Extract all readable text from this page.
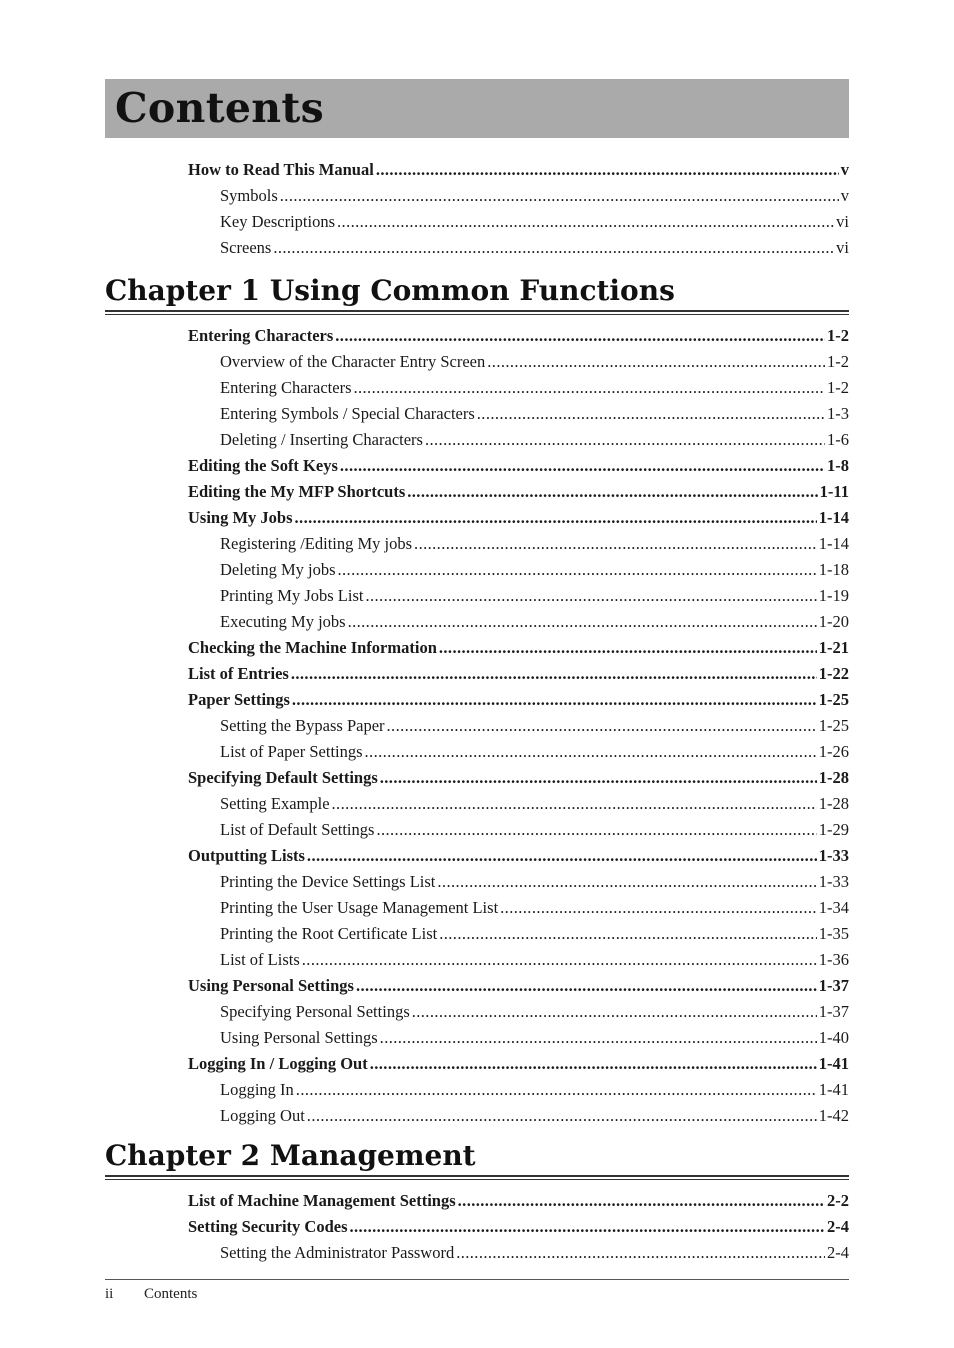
Contents
How to Read This Manual .....	v
Symbols .....	v
Key Descriptions .....	vi
Screens .....	vi
Chapter 1 Using Common Functions
Entering Characters .....	1-2
Overview of the Character Entry Screen .....	1-2
Entering Characters .....	1-2
Entering Symbols / Special Characters .....	1-3
Deleting / Inserting Characters .....	1-6
Editing the Soft Keys .....	1-8
Editing the My MFP Shortcuts .....	1-11
Using My Jobs .....	1-14
Registering /Editing My jobs .....	1-14
Deleting My jobs .....	1-18
Printing My Jobs List .....	1-19
Executing My jobs .....	1-20
Checking the Machine Information .....	1-21
List of Entries .....	1-22
Paper Settings .....	1-25
Setting the Bypass Paper .....	1-25
List of Paper Settings .....	1-26
Specifying Default Settings .....	1-28
Setting Example .....	1-28
List of Default Settings .....	1-29
Outputting Lists .....	1-33
Printing the Device Settings List .....	1-33
Printing the User Usage Management List .....	1-34
Printing the Root Certificate List .....	1-35
List of Lists .....	1-36
Using Personal Settings .....	1-37
Specifying Personal Settings .....	1-37
Using Personal Settings .....	1-40
Logging In / Logging Out .....	1-41
Logging In .....	1-41
Logging Out .....	1-42
Chapter 2 Management
List of Machine Management Settings .....	2-2
Setting Security Codes .....	2-4
Setting the Administrator Password .....	2-4
ii Contents
